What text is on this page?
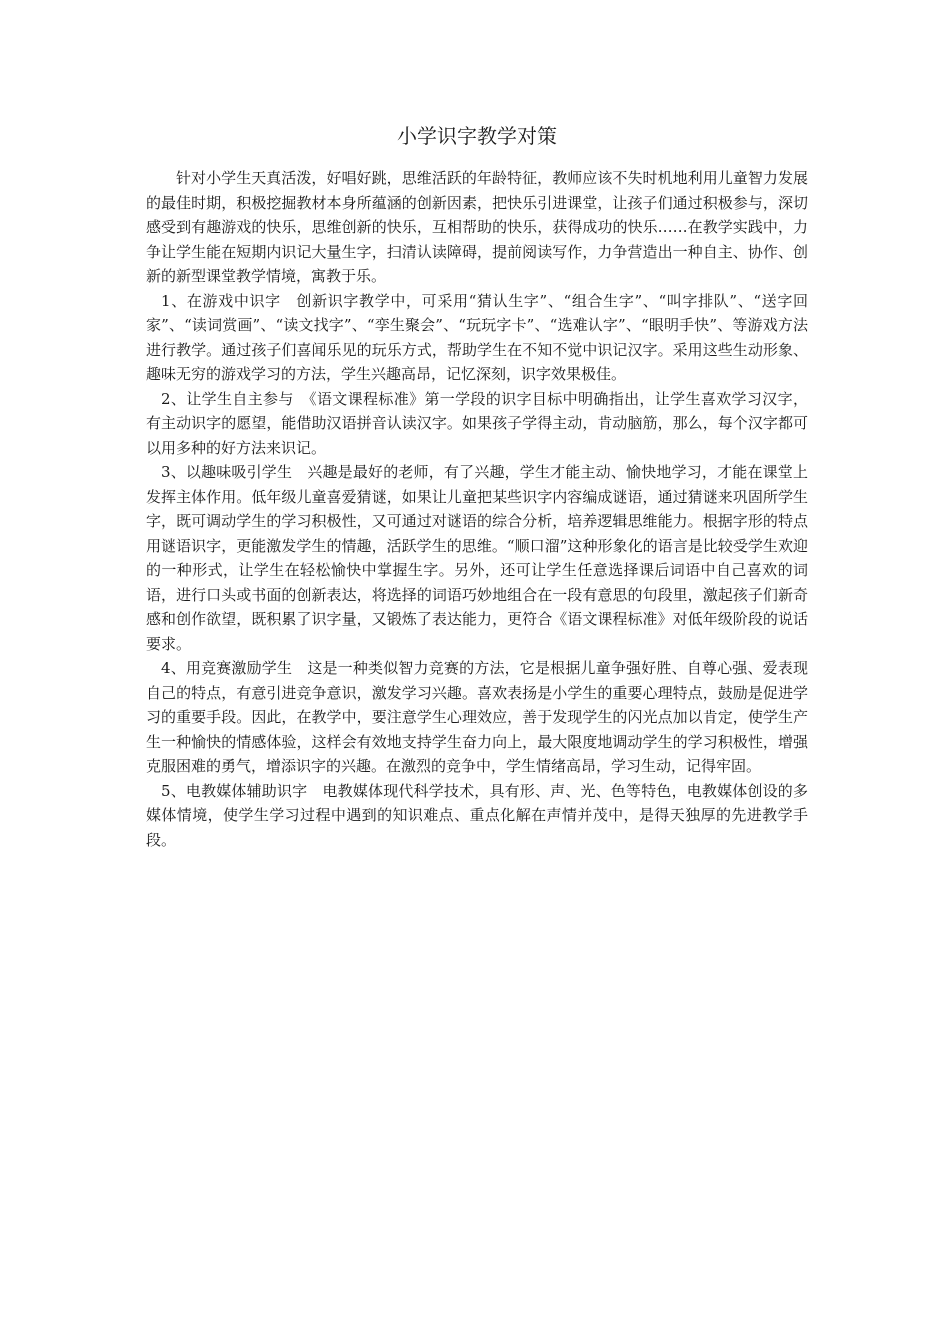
小学识字教学对策

针对小学生天真活泼，好唱好跳，思维活跃的年龄特征，教师应该不失时机地利用儿童智力发展的最佳时期，积极挖掘教材本身所蕴涵的创新因素，把快乐引进课堂，让孩子们通过积极参与，深切感受到有趣游戏的快乐，思维创新的快乐，互相帮助的快乐，获得成功的快乐……在教学实践中，力争让学生能在短期内识记大量生字，扫清认读障碍，提前阅读写作，力争营造出一种自主、协作、创新的新型课堂教学情境，寓教于乐。

1、在游戏中识字　创新识字教学中，可采用“猜认生字”、“组合生字”、“叫字排队”、“送字回家”、“读词赏画”、“读文找字”、“孪生聚会”、“玩玩字卡”、“选难认字”、“眼明手快”、等游戏方法进行教学。通过孩子们喜闻乐见的玩乐方式，帮助学生在不知不觉中识记汉字。采用这些生动形象、趣味无穷的游戏学习的方法，学生兴趣高昂，记忆深刻，识字效果极佳。

2、让学生自主参与　《语文课程标准》第一学段的识字目标中明确指出，让学生喜欢学习汉字，有主动识字的愿望，能借助汉语拼音认读汉字。如果孩子学得主动，肯动脑筋，那么，每个汉字都可以用多种的好方法来识记。

3、以趣味吸引学生　兴趣是最好的老师，有了兴趣，学生才能主动、愉快地学习，才能在课堂上发挥主体作用。低年级儿童喜爱猜谜，如果让儿童把某些识字内容编成谜语，通过猜谜来巩固所学生字，既可调动学生的学习积极性，又可通过对谜语的综合分析，培养逻辑思维能力。根据字形的特点用谜语识字，更能激发学生的情趣，活跃学生的思维。“顺口溜”这种形象化的语言是比较受学生欢迎的一种形式，让学生在轻松愉快中掌握生字。另外，还可让学生任意选择课后词语中自己喜欢的词语，进行口头或书面的创新表达，将选择的词语巧妙地组合在一段有意思的句段里，激起孩子们新奇感和创作欲望，既积累了识字量，又锻炼了表达能力，更符合《语文课程标准》对低年级阶段的说话要求。

4、用竞赛激励学生　这是一种类似智力竞赛的方法，它是根据儿童争强好胜、自尊心强、爱表现自己的特点，有意引进竞争意识，激发学习兴趣。喜欢表扬是小学生的重要心理特点，鼓励是促进学习的重要手段。因此，在教学中，要注意学生心理效应，善于发现学生的闪光点加以肯定，使学生产生一种愉快的情感体验，这样会有效地支持学生奋力向上，最大限度地调动学生的学习积极性，增强克服困难的勇气，增添识字的兴趣。在激烈的竞争中，学生情绪高昂，学习生动，记得牢固。

5、电教媒体辅助识字　电教媒体现代科学技术，具有形、声、光、色等特色，电教媒体创设的多媒体情境，使学生学习过程中遇到的知识难点、重点化解在声情并茂中，是得天独厚的先进教学手段。
